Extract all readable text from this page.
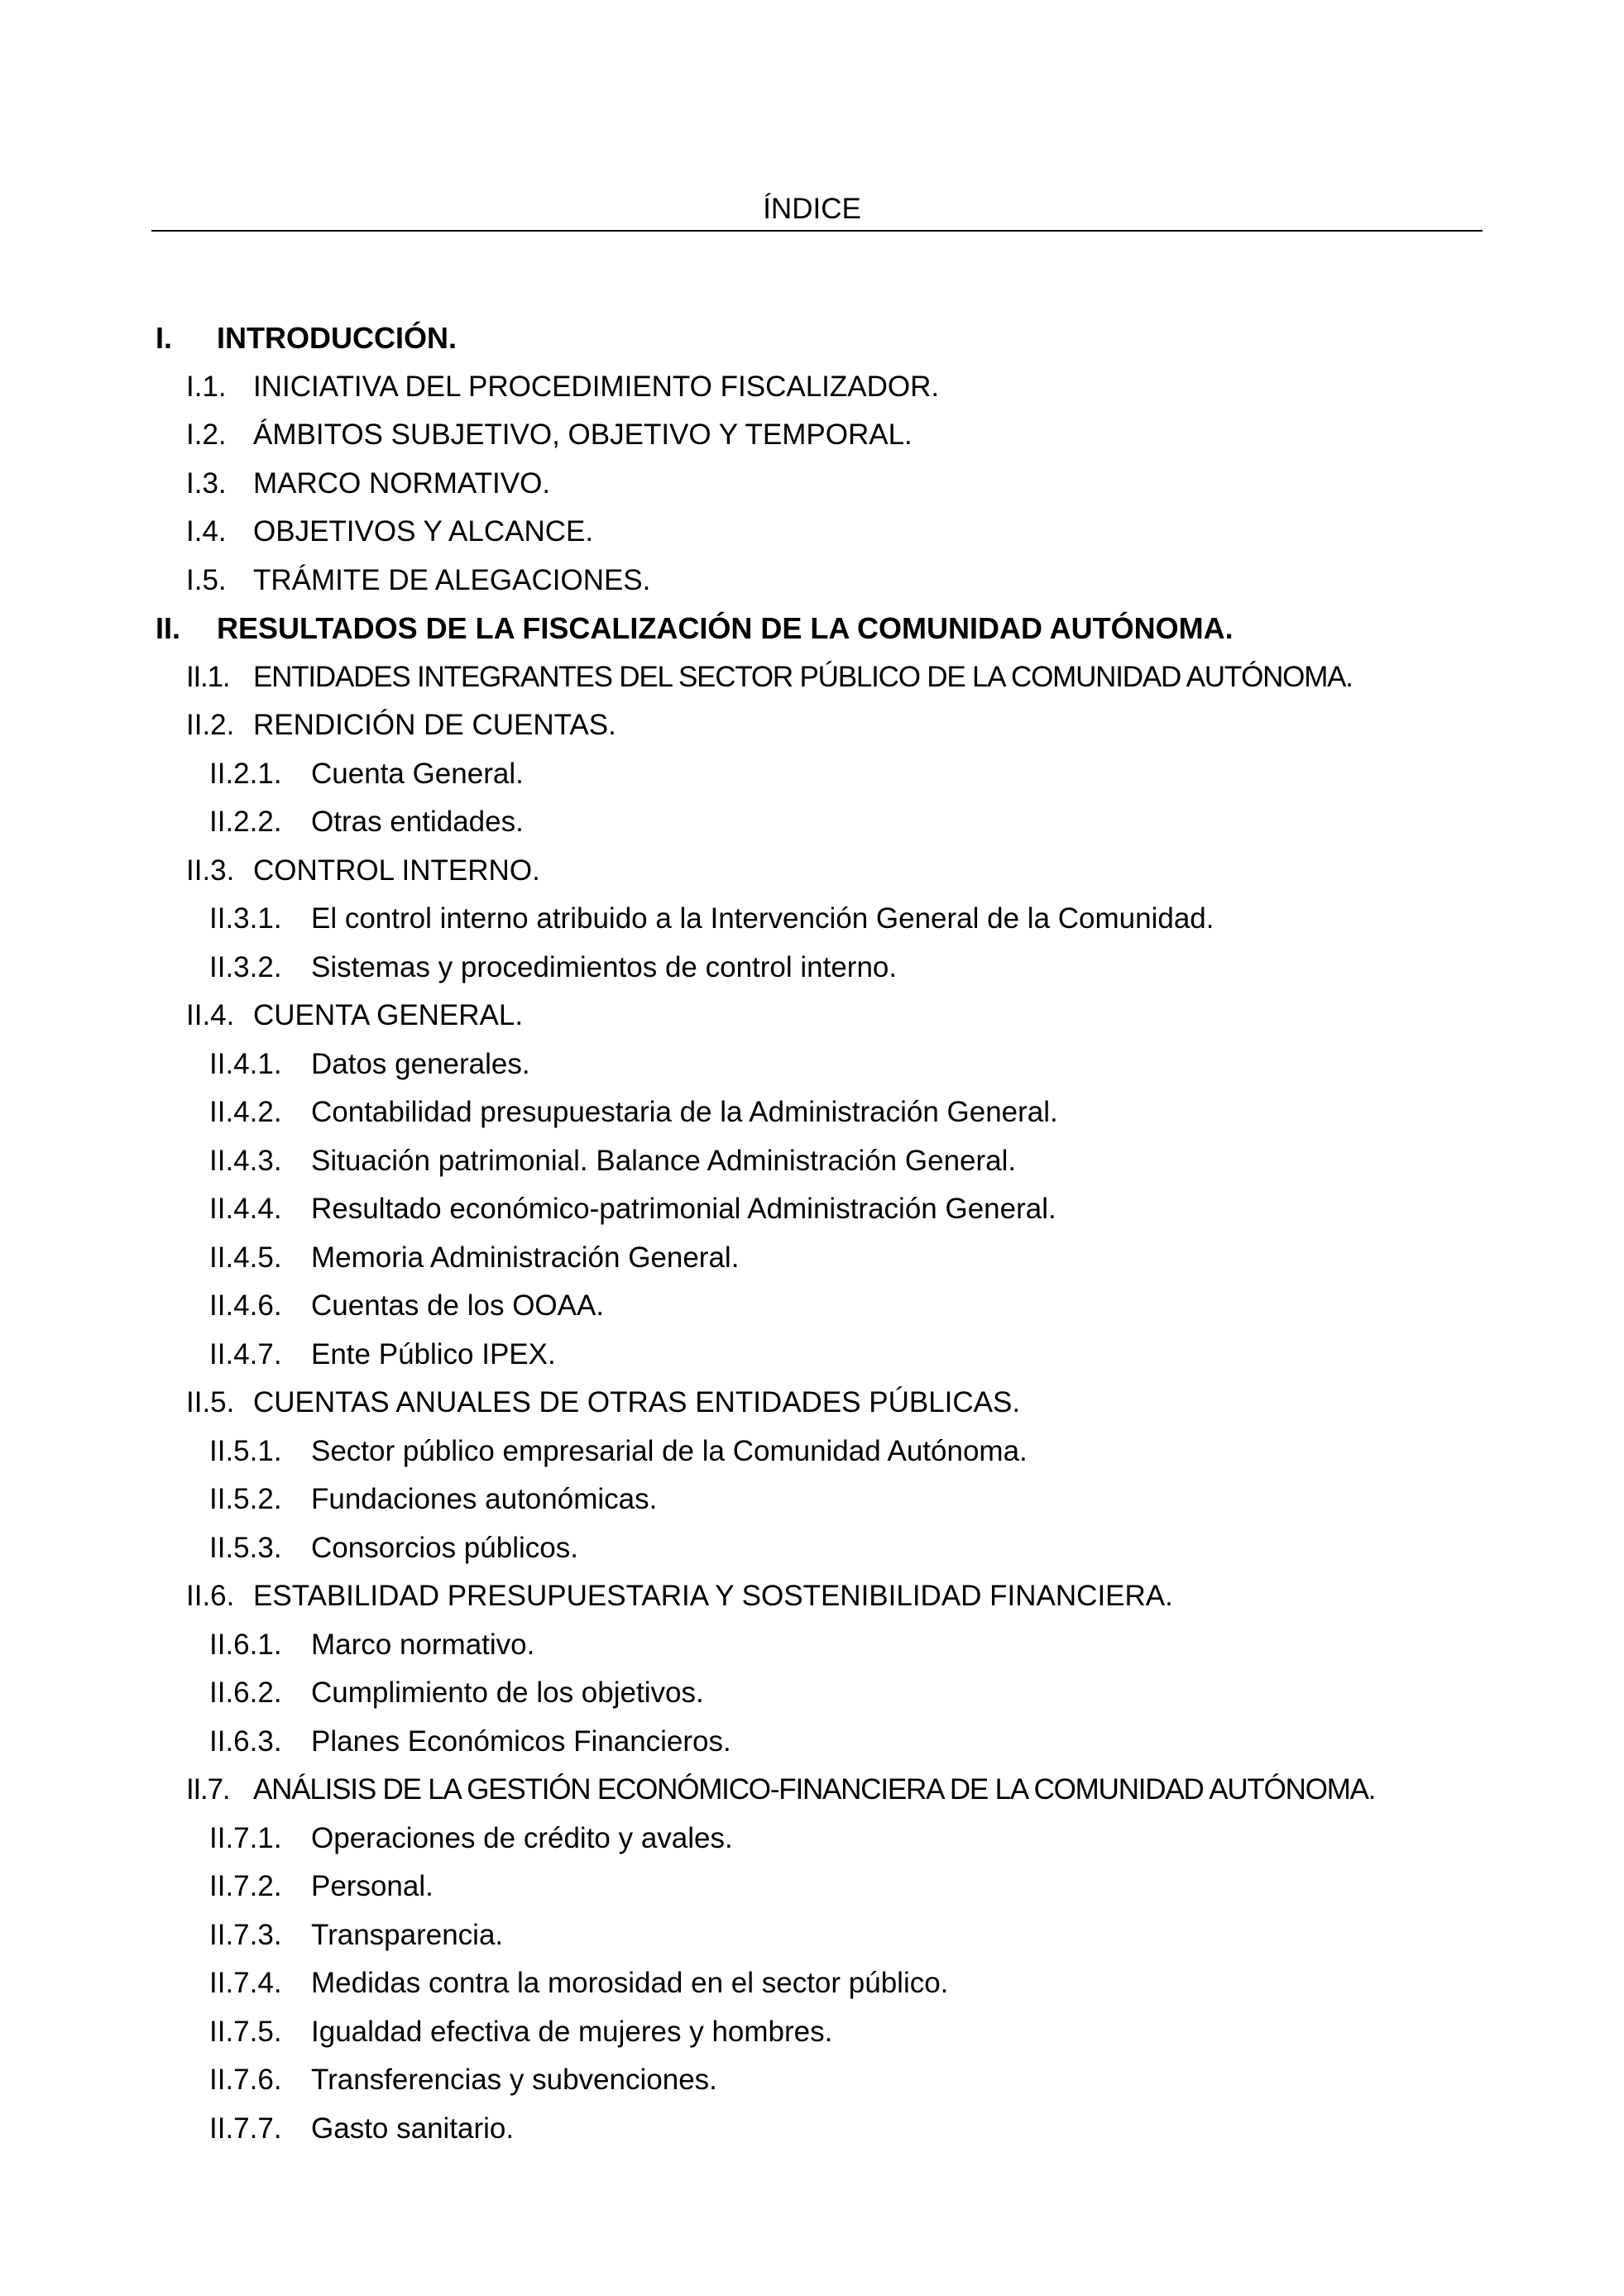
ÍNDICE
I. INTRODUCCIÓN.
I.1. INICIATIVA DEL PROCEDIMIENTO FISCALIZADOR.
I.2. ÁMBITOS SUBJETIVO, OBJETIVO Y TEMPORAL.
I.3. MARCO NORMATIVO.
I.4. OBJETIVOS Y ALCANCE.
I.5. TRÁMITE DE ALEGACIONES.
II. RESULTADOS DE LA FISCALIZACIÓN DE LA COMUNIDAD AUTÓNOMA.
II.1. ENTIDADES INTEGRANTES DEL SECTOR PÚBLICO DE LA COMUNIDAD AUTÓNOMA.
II.2. RENDICIÓN DE CUENTAS.
II.2.1. Cuenta General.
II.2.2. Otras entidades.
II.3. CONTROL INTERNO.
II.3.1. El control interno atribuido a la Intervención General de la Comunidad.
II.3.2. Sistemas y procedimientos de control interno.
II.4. CUENTA GENERAL.
II.4.1. Datos generales.
II.4.2. Contabilidad presupuestaria de la Administración General.
II.4.3. Situación patrimonial. Balance Administración General.
II.4.4. Resultado económico-patrimonial Administración General.
II.4.5. Memoria Administración General.
II.4.6. Cuentas de los OOAA.
II.4.7. Ente Público IPEX.
II.5. CUENTAS ANUALES DE OTRAS ENTIDADES PÚBLICAS.
II.5.1. Sector público empresarial de la Comunidad Autónoma.
II.5.2. Fundaciones autonómicas.
II.5.3. Consorcios públicos.
II.6. ESTABILIDAD PRESUPUESTARIA Y SOSTENIBILIDAD FINANCIERA.
II.6.1. Marco normativo.
II.6.2. Cumplimiento de los objetivos.
II.6.3. Planes Económicos Financieros.
II.7. ANÁLISIS DE LA GESTIÓN ECONÓMICO-FINANCIERA DE LA COMUNIDAD AUTÓNOMA.
II.7.1. Operaciones de crédito y avales.
II.7.2. Personal.
II.7.3. Transparencia.
II.7.4. Medidas contra la morosidad en el sector público.
II.7.5. Igualdad efectiva de mujeres y hombres.
II.7.6. Transferencias y subvenciones.
II.7.7. Gasto sanitario.
